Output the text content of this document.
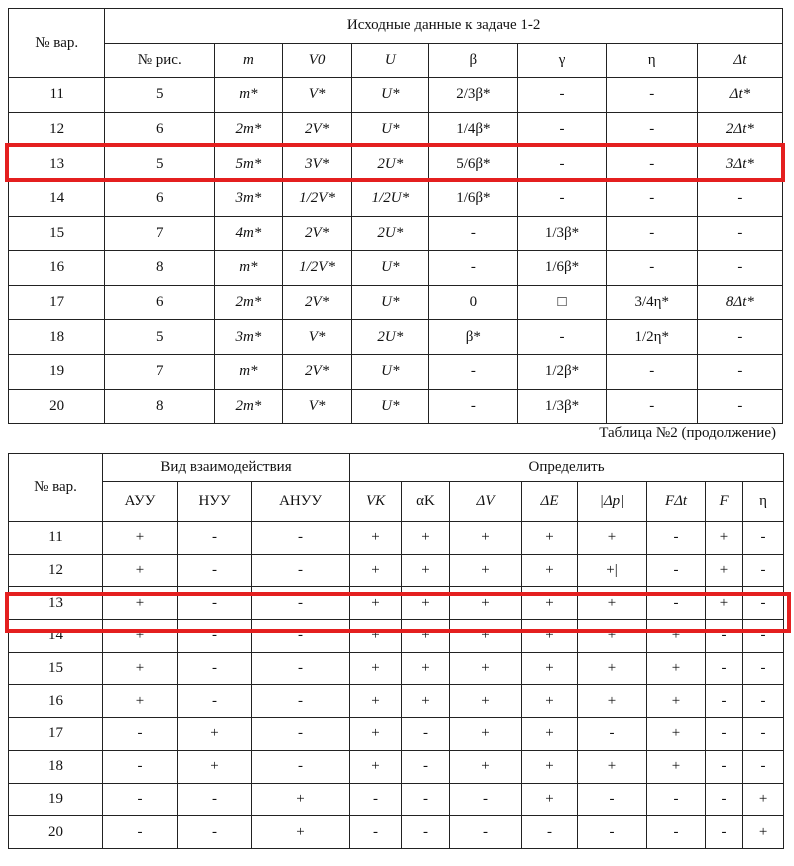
№ вар.	Исходные данные к задаче 1-2							
	№ рис.	m	V0	U	β	γ	η	Δt
11	5	m*	V*	U*	2/3β*	-	-	Δt*
12	6	2m*	2V*	U*	1/4β*	-	-	2Δt*
13	5	5m*	3V*	2U*	5/6β*	-	-	3Δt*
14	6	3m*	1/2V*	1/2U*	1/6β*	-	-	-
15	7	4m*	2V*	2U*	-	1/3β*	-	-
16	8	m*	1/2V*	U*	-	1/6β*	-	-
17	6	2m*	2V*	U*	0	□	3/4η*	8Δt*
18	5	3m*	V*	2U*	β*	-	1/2η*	-
19	7	m*	2V*	U*	-	1/2β*	-	-
20	8	2m*	V*	U*	-	1/3β*	-	-
Таблица №2 (продолжение)
№ вар.	Вид взаимодействия			Определить							
	АУУ	НУУ	АНУУ	VK	αK	ΔV	ΔE	|Δp|	FΔt	F	η
11	+	-	-	+	+	+	+	+	-	+	-
12	+	-	-	+	+	+	+	+|	-	+	-
13	+	-	-	+	+	+	+	+	-	+	-
14	+	-	-	+	+	+	+	+	+	-	-
15	+	-	-	+	+	+	+	+	+	-	-
16	+	-	-	+	+	+	+	+	+	-	-
17	-	+	-	+	-	+	+	-	+	-	-
18	-	+	-	+	-	+	+	+	+	-	-
19	-	-	+	-	-	-	+	-	-	-	+
20	-	-	+	-	-	-	-	-	-	-	+
